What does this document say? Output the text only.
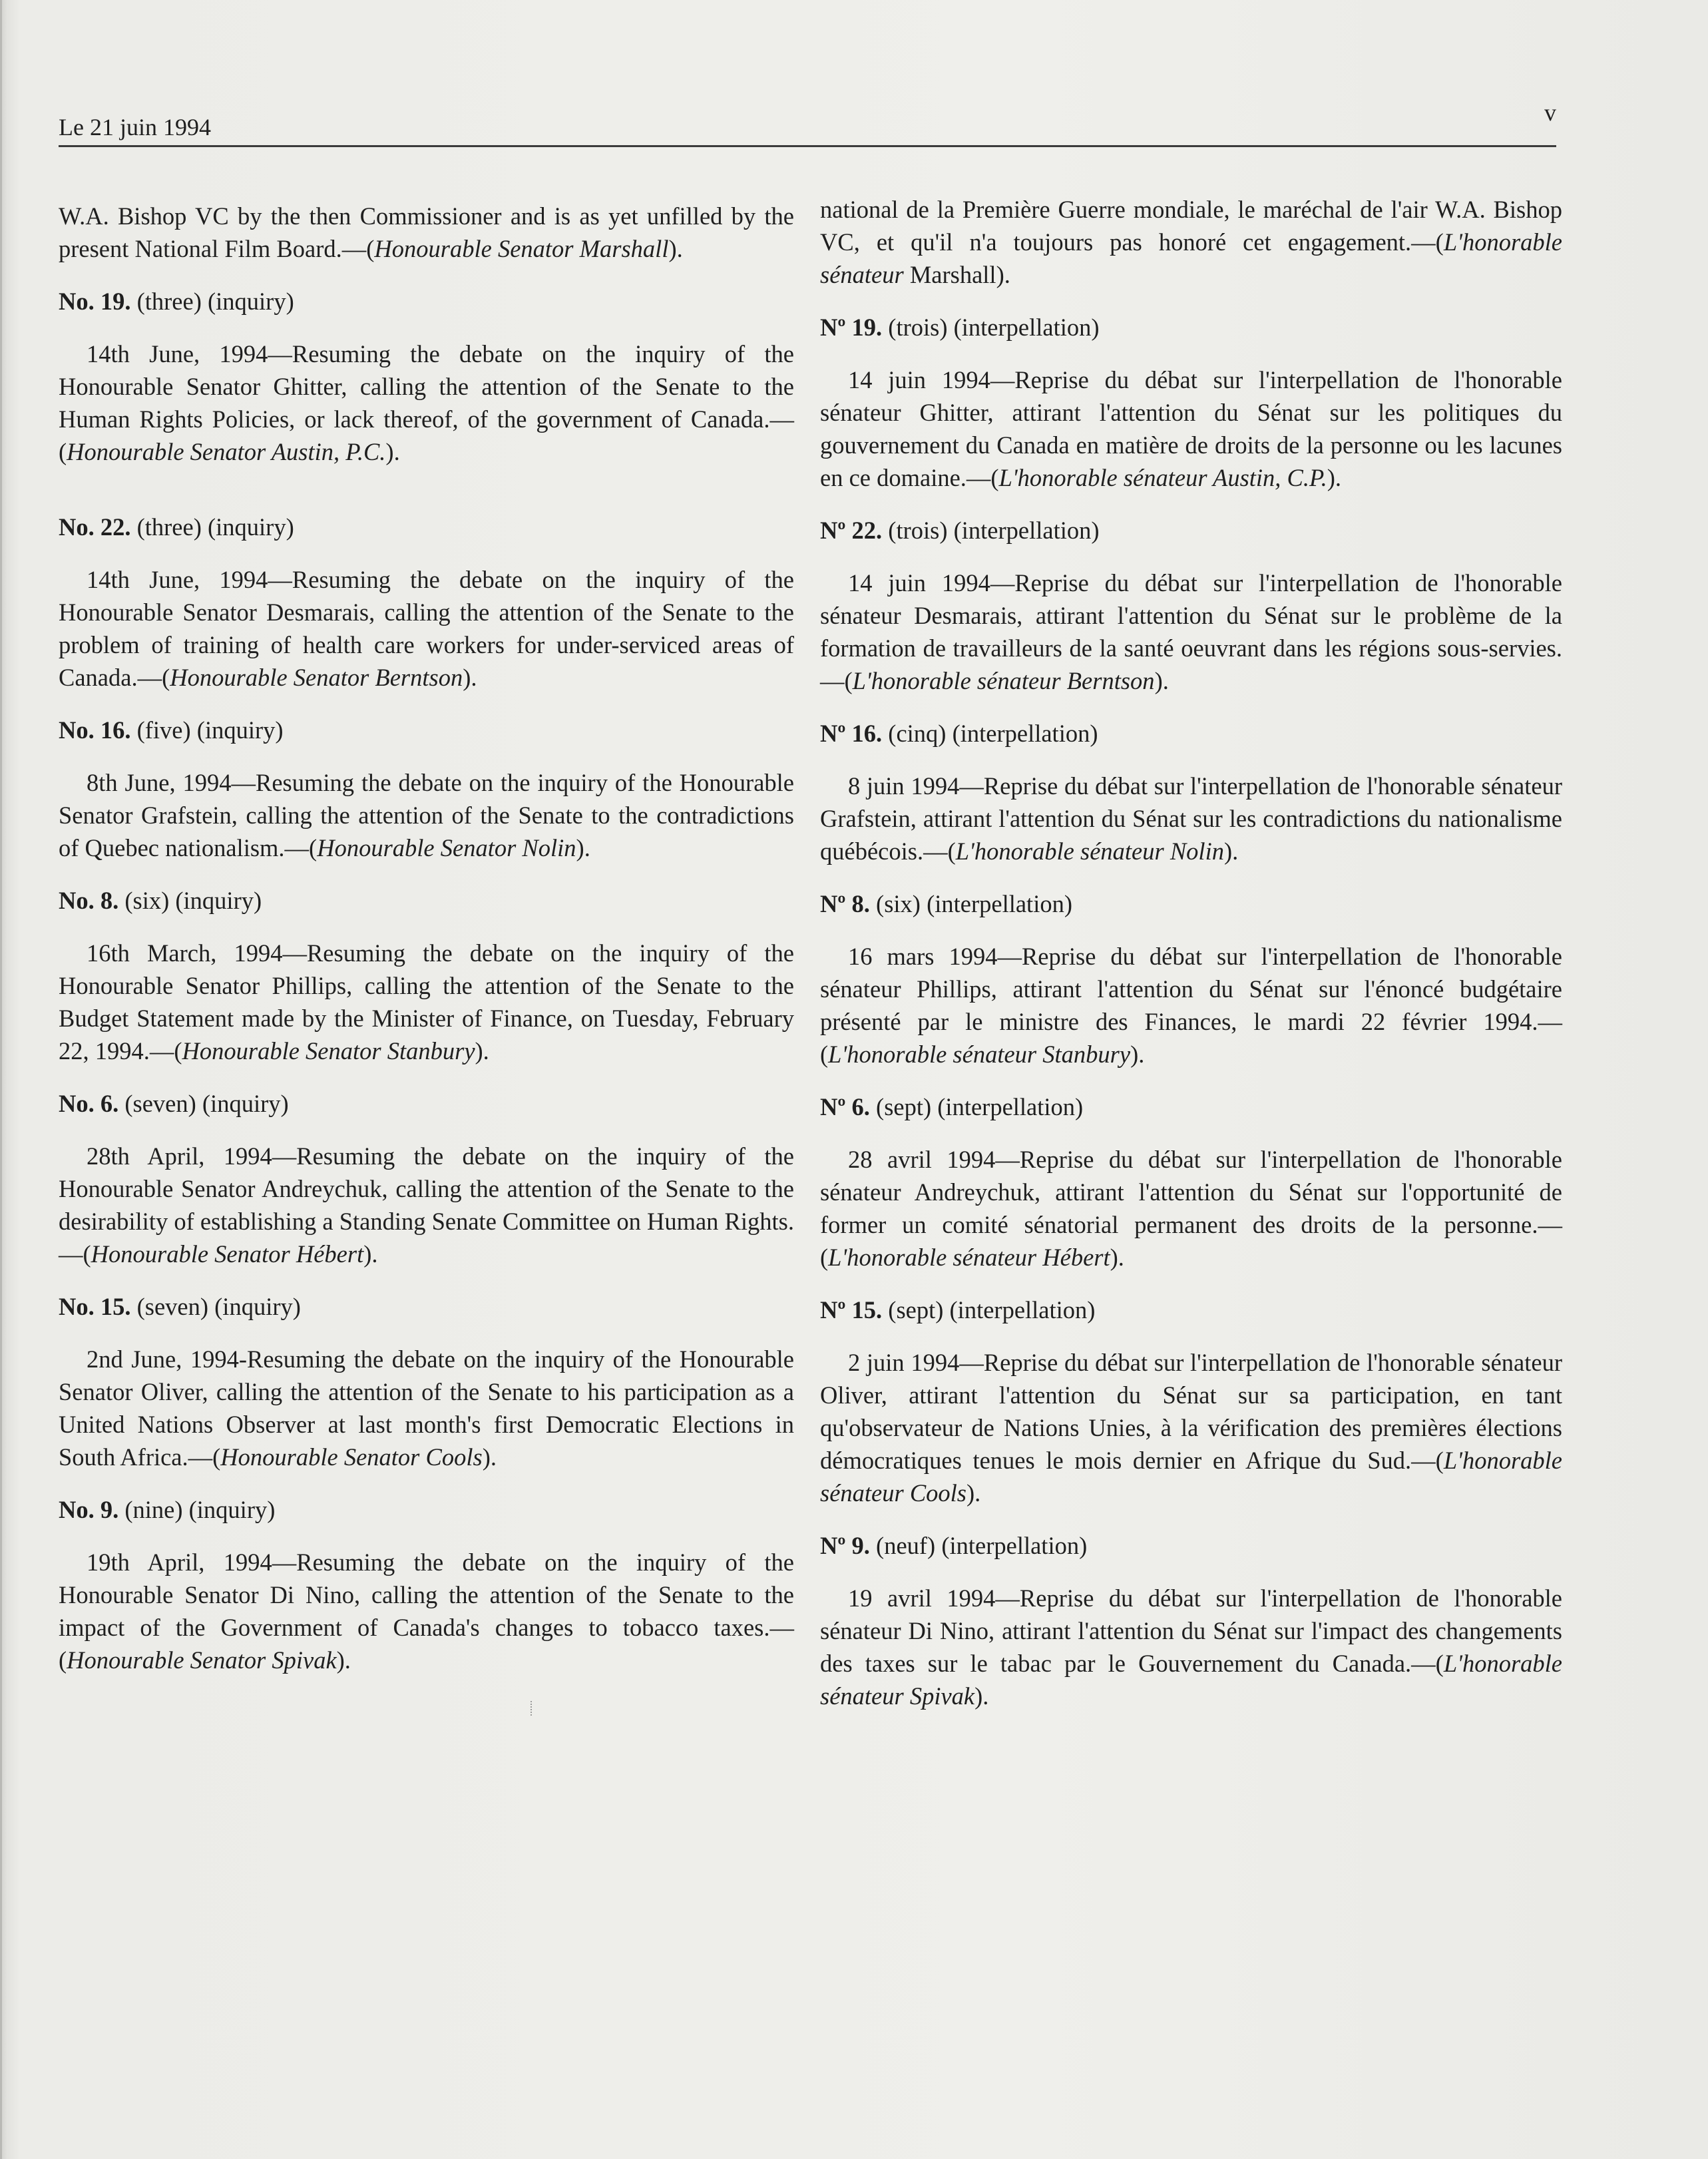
Le 21 juin 1994
v

W.A. Bishop VC by the then Commissioner and is as yet unfilled by the present National Film Board.—(Honourable Senator Marshall).

No. 19. (three) (inquiry)

14th June, 1994—Resuming the debate on the inquiry of the Honourable Senator Ghitter, calling the attention of the Senate to the Human Rights Policies, or lack thereof, of the government of Canada.—(Honourable Senator Austin, P.C.).

No. 22. (three) (inquiry)

14th June, 1994—Resuming the debate on the inquiry of the Honourable Senator Desmarais, calling the attention of the Senate to the problem of training of health care workers for under-serviced areas of Canada.—(Honourable Senator Berntson).

No. 16. (five) (inquiry)

8th June, 1994—Resuming the debate on the inquiry of the Honourable Senator Grafstein, calling the attention of the Senate to the contradictions of Quebec nationalism.—(Honourable Senator Nolin).

No. 8. (six) (inquiry)

16th March, 1994—Resuming the debate on the inquiry of the Honourable Senator Phillips, calling the attention of the Senate to the Budget Statement made by the Minister of Finance, on Tuesday, February 22, 1994.—(Honourable Senator Stanbury).

No. 6. (seven) (inquiry)

28th April, 1994—Resuming the debate on the inquiry of the Honourable Senator Andreychuk, calling the attention of the Senate to the desirability of establishing a Standing Senate Committee on Human Rights.—(Honourable Senator Hébert).

No. 15. (seven) (inquiry)

2nd June, 1994-Resuming the debate on the inquiry of the Honourable Senator Oliver, calling the attention of the Senate to his participation as a United Nations Observer at last month's first Democratic Elections in South Africa.—(Honourable Senator Cools).

No. 9. (nine) (inquiry)

19th April, 1994—Resuming the debate on the inquiry of the Honourable Senator Di Nino, calling the attention of the Senate to the impact of the Government of Canada's changes to tobacco taxes.—(Honourable Senator Spivak).

national de la Première Guerre mondiale, le maréchal de l'air W.A. Bishop VC, et qu'il n'a toujours pas honoré cet engagement.—(L'honorable sénateur Marshall).

Nº 19. (trois) (interpellation)

14 juin 1994—Reprise du débat sur l'interpellation de l'honorable sénateur Ghitter, attirant l'attention du Sénat sur les politiques du gouvernement du Canada en matière de droits de la personne ou les lacunes en ce domaine.—(L'honorable sénateur Austin, C.P.).

Nº 22. (trois) (interpellation)

14 juin 1994—Reprise du débat sur l'interpellation de l'honorable sénateur Desmarais, attirant l'attention du Sénat sur le problème de la formation de travailleurs de la santé oeuvrant dans les régions sous-servies.—(L'honorable sénateur Berntson).

Nº 16. (cinq) (interpellation)

8 juin 1994—Reprise du débat sur l'interpellation de l'honorable sénateur Grafstein, attirant l'attention du Sénat sur les contradictions du nationalisme québécois.—(L'honorable sénateur Nolin).

Nº 8. (six) (interpellation)

16 mars 1994—Reprise du débat sur l'interpellation de l'honorable sénateur Phillips, attirant l'attention du Sénat sur l'énoncé budgétaire présenté par le ministre des Finances, le mardi 22 février 1994.—(L'honorable sénateur Stanbury).

Nº 6. (sept) (interpellation)

28 avril 1994—Reprise du débat sur l'interpellation de l'honorable sénateur Andreychuk, attirant l'attention du Sénat sur l'opportunité de former un comité sénatorial permanent des droits de la personne.—(L'honorable sénateur Hébert).

Nº 15. (sept) (interpellation)

2 juin 1994—Reprise du débat sur l'interpellation de l'honorable sénateur Oliver, attirant l'attention du Sénat sur sa participation, en tant qu'observateur de Nations Unies, à la vérification des premières élections démocratiques tenues le mois dernier en Afrique du Sud.—(L'honorable sénateur Cools).

Nº 9. (neuf) (interpellation)

19 avril 1994—Reprise du débat sur l'interpellation de l'honorable sénateur Di Nino, attirant l'attention du Sénat sur l'impact des changements des taxes sur le tabac par le Gouvernement du Canada.—(L'honorable sénateur Spivak).
